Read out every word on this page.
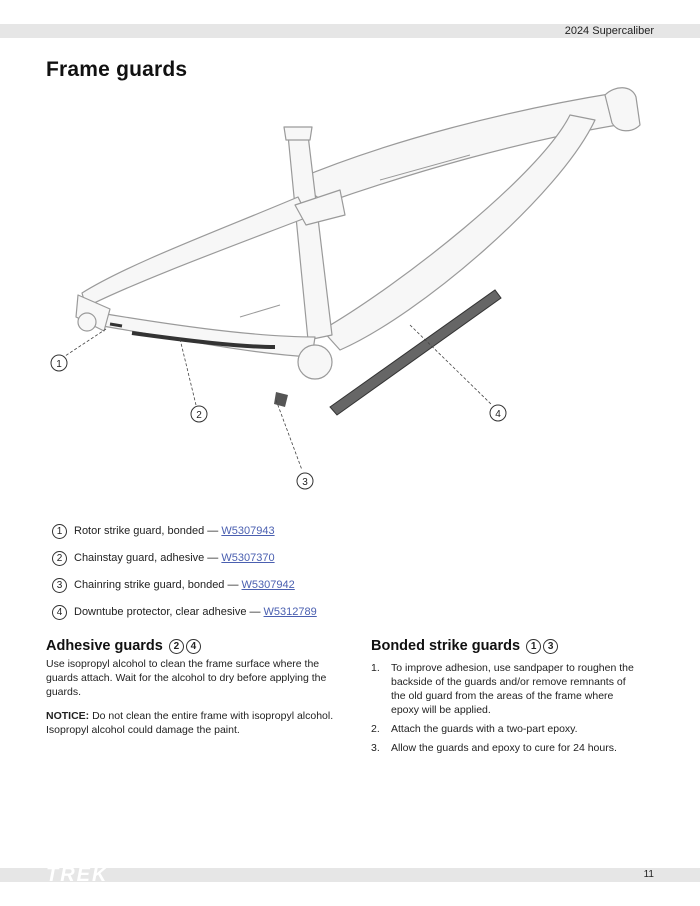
2024 Supercaliber
Frame guards
1
2
3
4
1 Rotor strike guard, bonded — W5307943
2 Chainstay guard, adhesive — W5307370
3 Chainring strike guard, bonded — W5307942
4 Downtube protector, clear adhesive — W5312789
Adhesive guards 2 4

Use isopropyl alcohol to clean the frame surface where the guards attach. Wait for the alcohol to dry before applying the guards.

NOTICE: Do not clean the entire frame with isopropyl alcohol. Isopropyl alcohol could damage the paint.

Bonded strike guards 1 3
1. To improve adhesion, use sandpaper to roughen the backside of the guards and/or remove remnants of the old guard from the areas of the frame where epoxy will be applied.
2. Attach the guards with a two-part epoxy.
3. Allow the guards and epoxy to cure for 24 hours.
TREK	11
